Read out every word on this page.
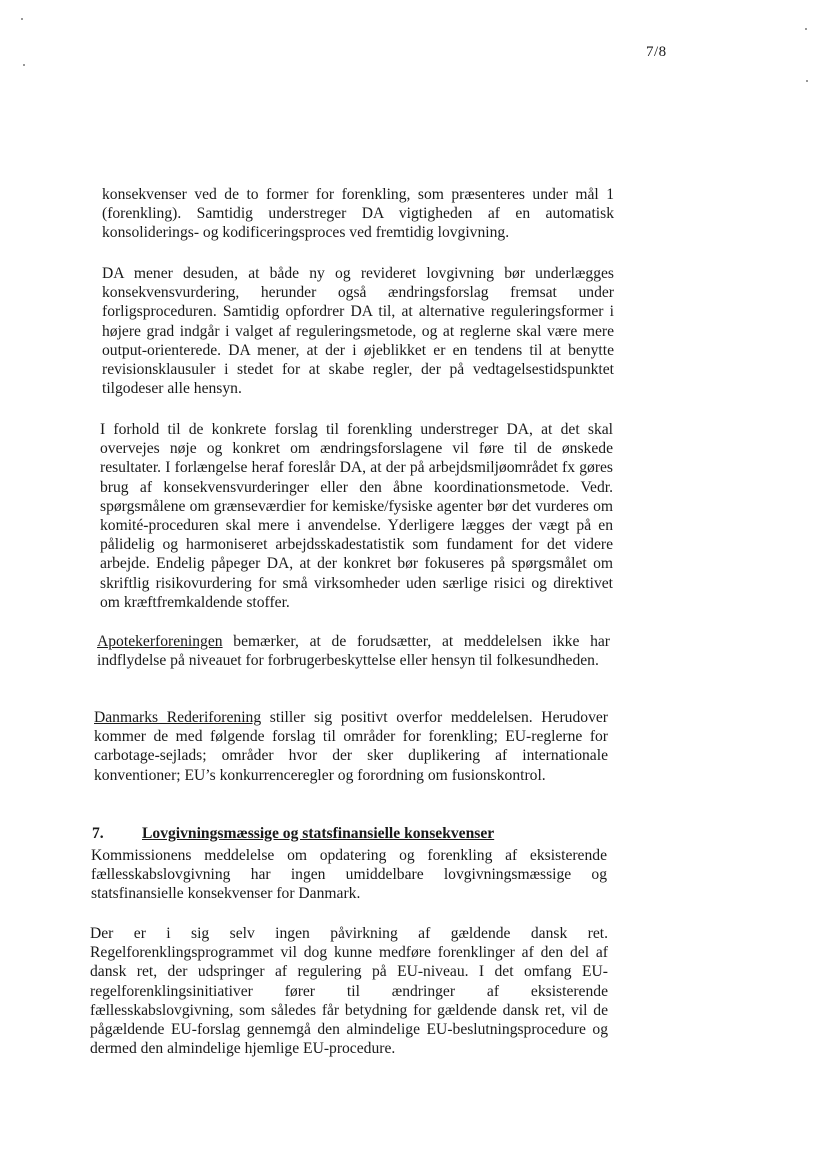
7/8

konsekvenser ved de to former for forenkling, som præsenteres under mål 1 (forenkling). Samtidig understreger DA vigtigheden af en automatisk konsoliderings- og kodificeringsproces ved fremtidig lovgivning.

DA mener desuden, at både ny og revideret lovgivning bør underlægges konsekvensvurdering, herunder også ændringsforslag fremsat under forligsproceduren. Samtidig opfordrer DA til, at alternative reguleringsformer i højere grad indgår i valget af reguleringsmetode, og at reglerne skal være mere output-orienterede. DA mener, at der i øjeblikket er en tendens til at benytte revisionsklausuler i stedet for at skabe regler, der på vedtagelsestidspunktet tilgodeser alle hensyn.

I forhold til de konkrete forslag til forenkling understreger DA, at det skal overvejes nøje og konkret om ændringsforslagene vil føre til de ønskede resultater. I forlængelse heraf foreslår DA, at der på arbejdsmiljøområdet fx gøres brug af konsekvensvurderinger eller den åbne koordinationsmetode. Vedr. spørgsmålene om grænseværdier for kemiske/fysiske agenter bør det vurderes om komité-proceduren skal mere i anvendelse. Yderligere lægges der vægt på en pålidelig og harmoniseret arbejdsskadestatistik som fundament for det videre arbejde. Endelig påpeger DA, at der konkret bør fokuseres på spørgsmålet om skriftlig risikovurdering for små virksomheder uden særlige risici og direktivet om kræftfremkaldende stoffer.

Apotekerforeningen bemærker, at de forudsætter, at meddelelsen ikke har indflydelse på niveauet for forbrugerbeskyttelse eller hensyn til folkesundheden.

Danmarks Rederiforening stiller sig positivt overfor meddelelsen. Herudover kommer de med følgende forslag til områder for forenkling; EU-reglerne for carbotage-sejlads; områder hvor der sker duplikering af internationale konventioner; EU’s konkurrenceregler og forordning om fusionskontrol.

7. Lovgivningsmæssige og statsfinansielle konsekvenser

Kommissionens meddelelse om opdatering og forenkling af eksisterende fællesskabslovgivning har ingen umiddelbare lovgivningsmæssige og statsfinansielle konsekvenser for Danmark.

Der er i sig selv ingen påvirkning af gældende dansk ret. Regelforenklingsprogrammet vil dog kunne medføre forenklinger af den del af dansk ret, der udspringer af regulering på EU-niveau. I det omfang EU-regelforenklingsinitiativer fører til ændringer af eksisterende fællesskabslovgivning, som således får betydning for gældende dansk ret, vil de pågældende EU-forslag gennemgå den almindelige EU-beslutningsprocedure og dermed den almindelige hjemlige EU-procedure.
